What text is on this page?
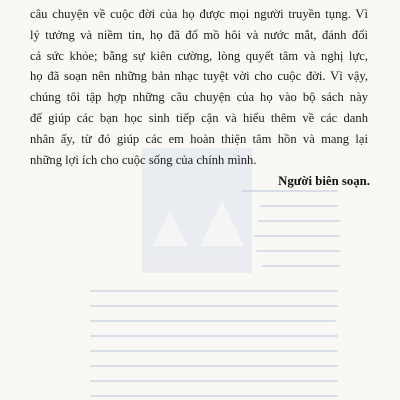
câu chuyện về cuộc đời của họ được mọi người truyền tụng. Vì
lý tưởng và niềm tin, họ đã đổ mồ hôi và nước mắt, đánh đổi
cả sức khỏe; bằng sự kiên cường, lòng quyết tâm và nghị lực,
họ đã soạn nên những bản nhạc tuyệt vời cho cuộc đời. Vì vậy,
chúng tôi tập hợp những câu chuyện của họ vào bộ sách này
để giúp các bạn học sinh tiếp cận và hiểu thêm về các danh
nhân ấy, từ đó giúp các em hoàn thiện tâm hồn và mang lại
những lợi ích cho cuộc sống của chính mình.
Người biên soạn.
